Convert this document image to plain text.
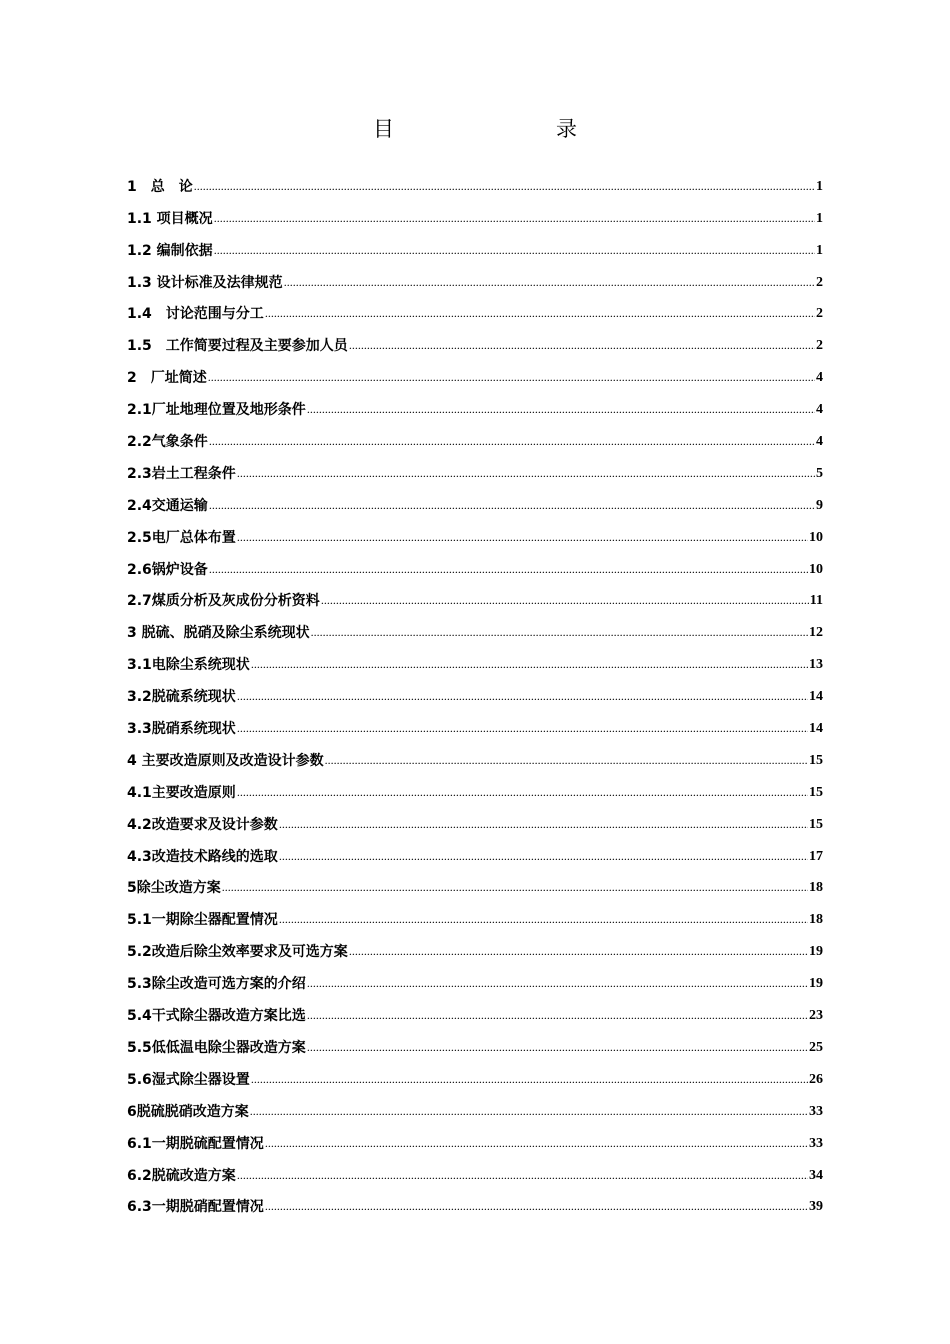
目　　录
1　总　论 .....	1
1.1 项目概况 .....	1
1.2 编制依据 .....	1
1.3 设计标准及法律规范 .....	2
1.4　讨论范围与分工 .....	2
1.5　工作简要过程及主要参加人员 .....	2
2　厂址简述 .....	4
2.1厂址地理位置及地形条件 .....	4
2.2气象条件 .....	4
2.3岩土工程条件 .....	5
2.4交通运输 .....	9
2.5电厂总体布置 .....	10
2.6锅炉设备 .....	10
2.7煤质分析及灰成份分析资料 .....	11
3 脱硫、脱硝及除尘系统现状 .....	12
3.1电除尘系统现状 .....	13
3.2脱硫系统现状 .....	14
3.3脱硝系统现状 .....	14
4 主要改造原则及改造设计参数 .....	15
4.1主要改造原则 .....	15
4.2改造要求及设计参数 .....	15
4.3改造技术路线的选取 .....	17
5除尘改造方案 .....	18
5.1一期除尘器配置情况 .....	18
5.2改造后除尘效率要求及可选方案 .....	19
5.3除尘改造可选方案的介绍 .....	19
5.4干式除尘器改造方案比选 .....	23
5.5低低温电除尘器改造方案 .....	25
5.6湿式除尘器设置 .....	26
6脱硫脱硝改造方案 .....	33
6.1一期脱硫配置情况 .....	33
6.2脱硫改造方案 .....	34
6.3一期脱硝配置情况 .....	39
